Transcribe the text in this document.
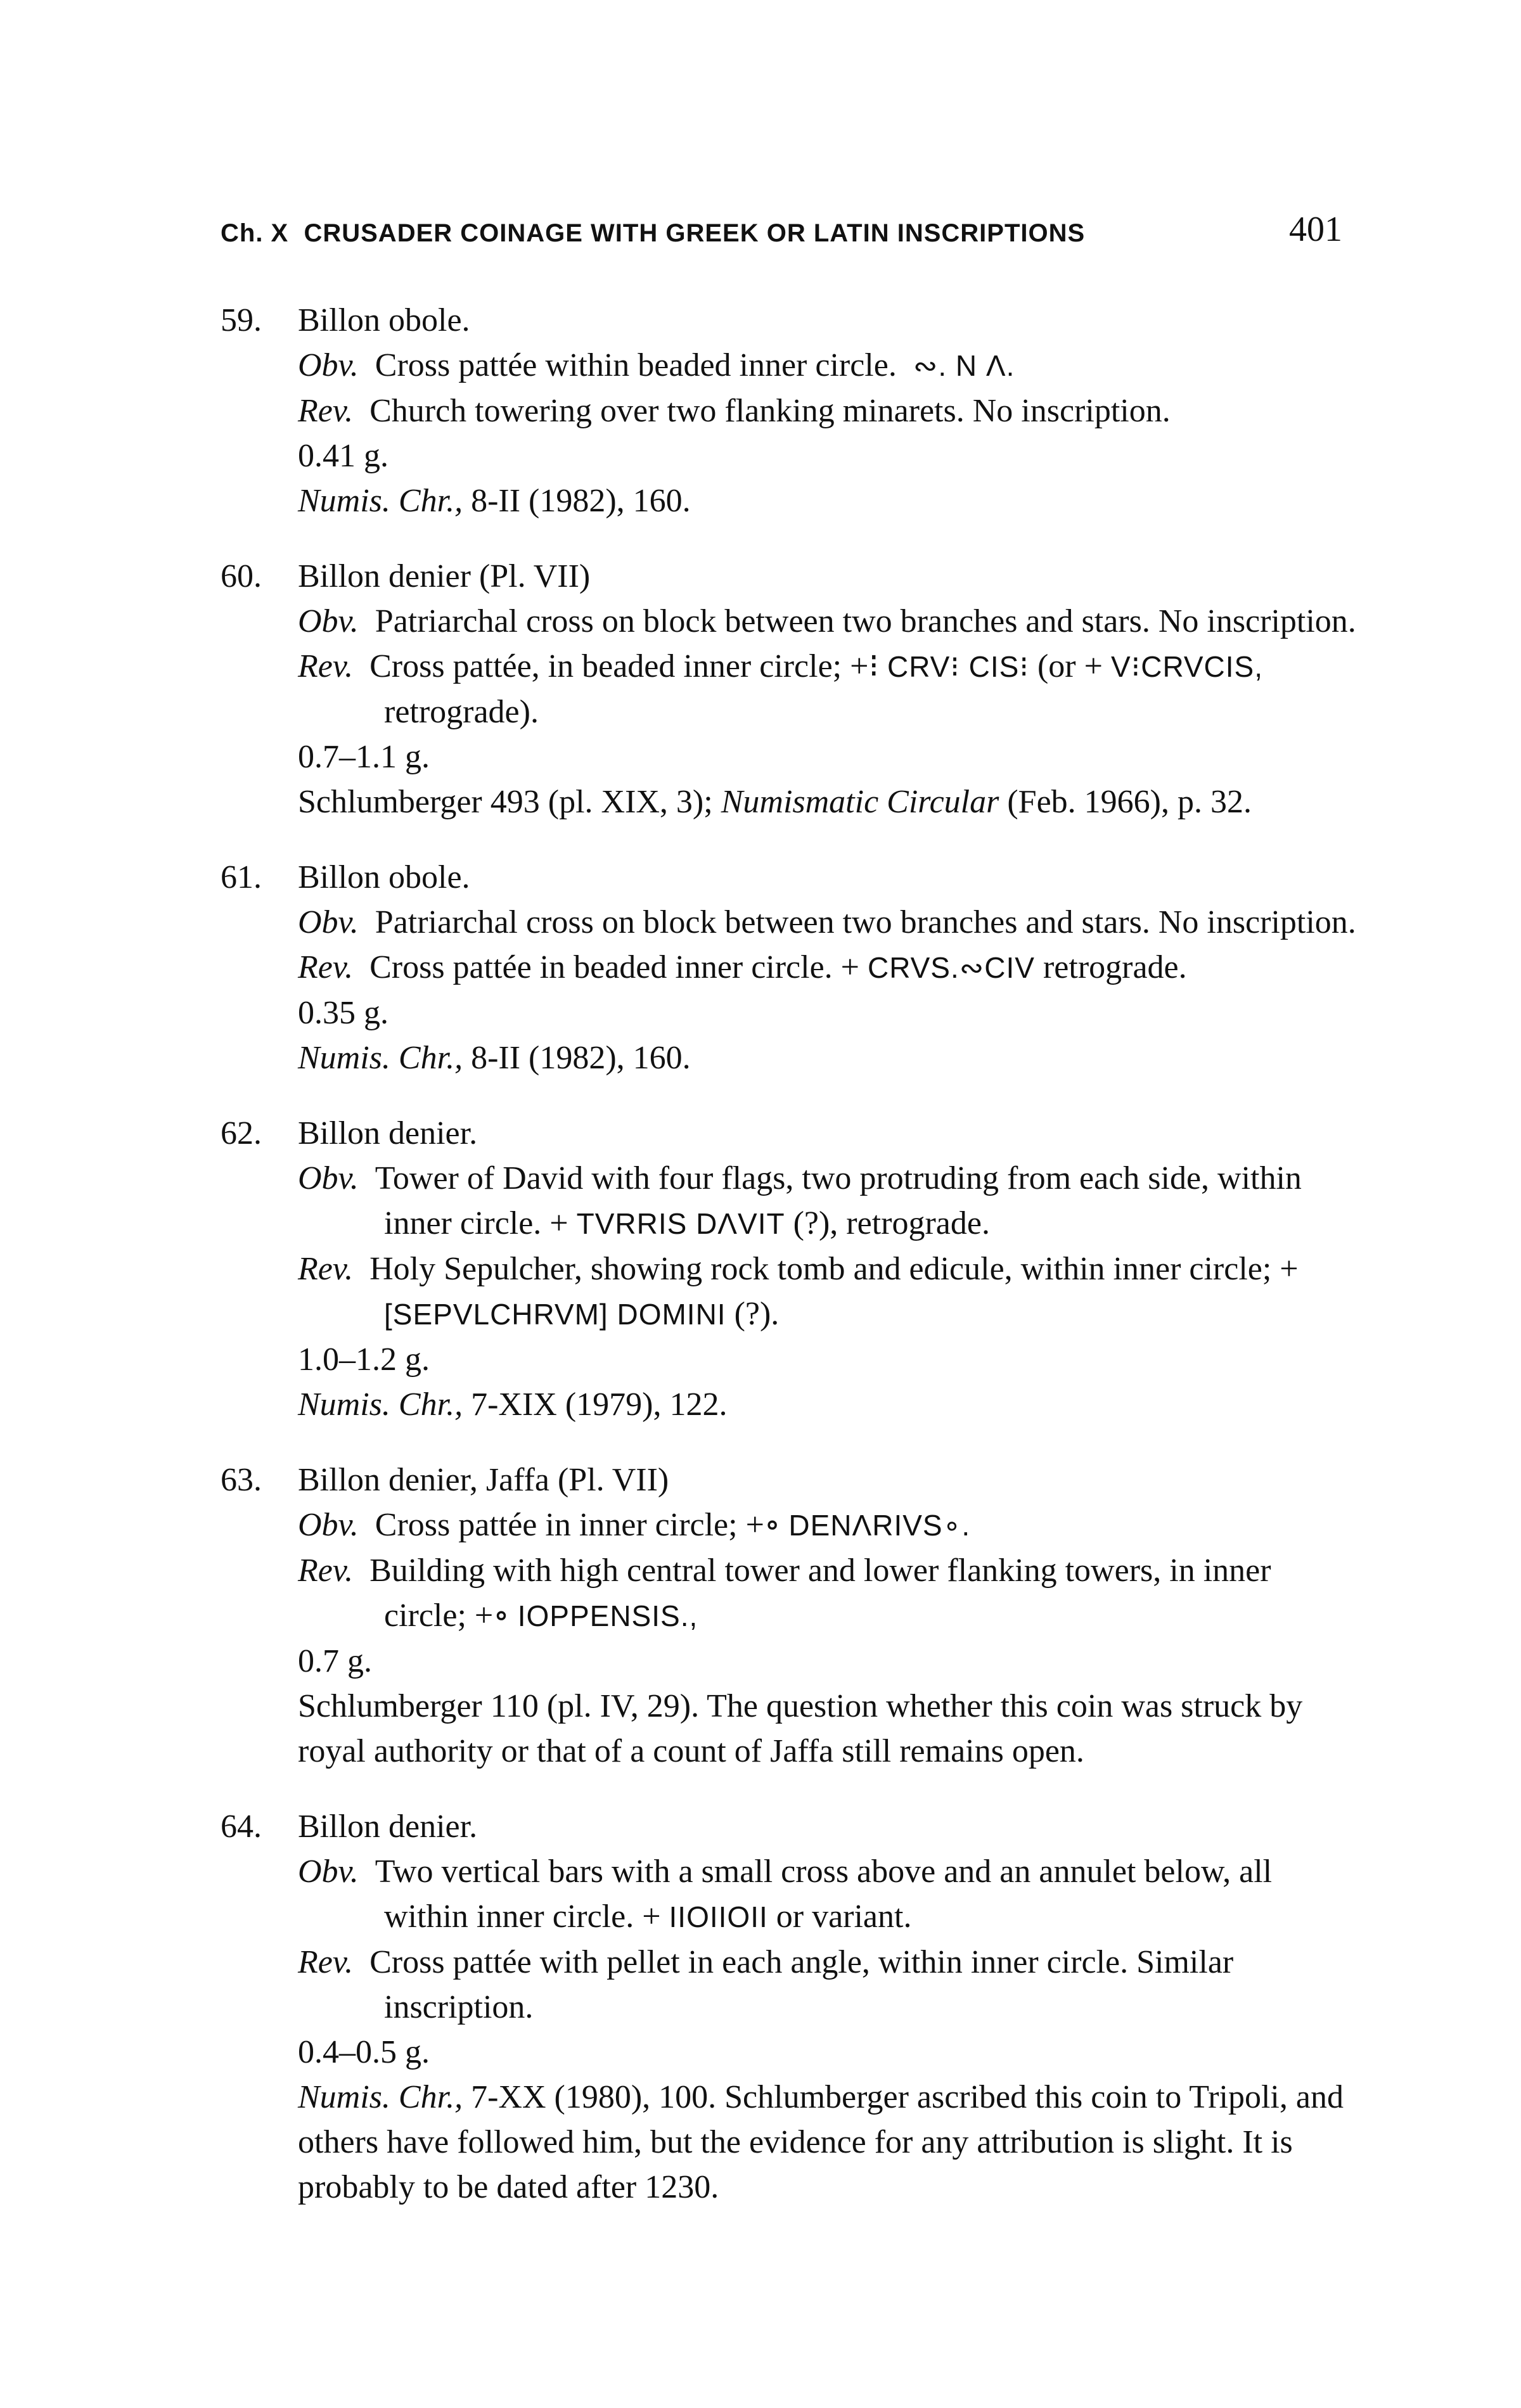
Ch. X CRUSADER COINAGE WITH GREEK OR LATIN INSCRIPTIONS	401
59. Billon obole.
Obv. Cross pattée within beaded inner circle. ∾. N Λ.
Rev. Church towering over two flanking minarets. No inscription.
0.41 g.
Numis. Chr., 8-II (1982), 160.
60. Billon denier (Pl. VII)
Obv. Patriarchal cross on block between two branches and stars. No inscription.
Rev. Cross pattée, in beaded inner circle; +⁝ CRV⁝ CIS⁝ (or + V⁝CRVCIS, retrograde).
0.7–1.1 g.
Schlumberger 493 (pl. XIX, 3); Numismatic Circular (Feb. 1966), p. 32.
61. Billon obole.
Obv. Patriarchal cross on block between two branches and stars. No inscription.
Rev. Cross pattée in beaded inner circle. + CRVS.∾CIV retrograde.
0.35 g.
Numis. Chr., 8-II (1982), 160.
62. Billon denier.
Obv. Tower of David with four flags, two protruding from each side, within inner circle. + TVRRIS DΛVIT (?), retrograde.
Rev. Holy Sepulcher, showing rock tomb and edicule, within inner circle; + [SEPVLCHRVM] DOMINI (?).
1.0–1.2 g.
Numis. Chr., 7-XIX (1979), 122.
63. Billon denier, Jaffa (Pl. VII)
Obv. Cross pattée in inner circle; +∘ DENΛRIVS∘.
Rev. Building with high central tower and lower flanking towers, in inner circle; +∘ IOPPENSIS.,
0.7 g.
Schlumberger 110 (pl. IV, 29). The question whether this coin was struck by royal authority or that of a count of Jaffa still remains open.
64. Billon denier.
Obv. Two vertical bars with a small cross above and an annulet below, all within inner circle. + IIOIIOII or variant.
Rev. Cross pattée with pellet in each angle, within inner circle. Similar inscription.
0.4–0.5 g.
Numis. Chr., 7-XX (1980), 100. Schlumberger ascribed this coin to Tripoli, and others have followed him, but the evidence for any attribution is slight. It is probably to be dated after 1230.
